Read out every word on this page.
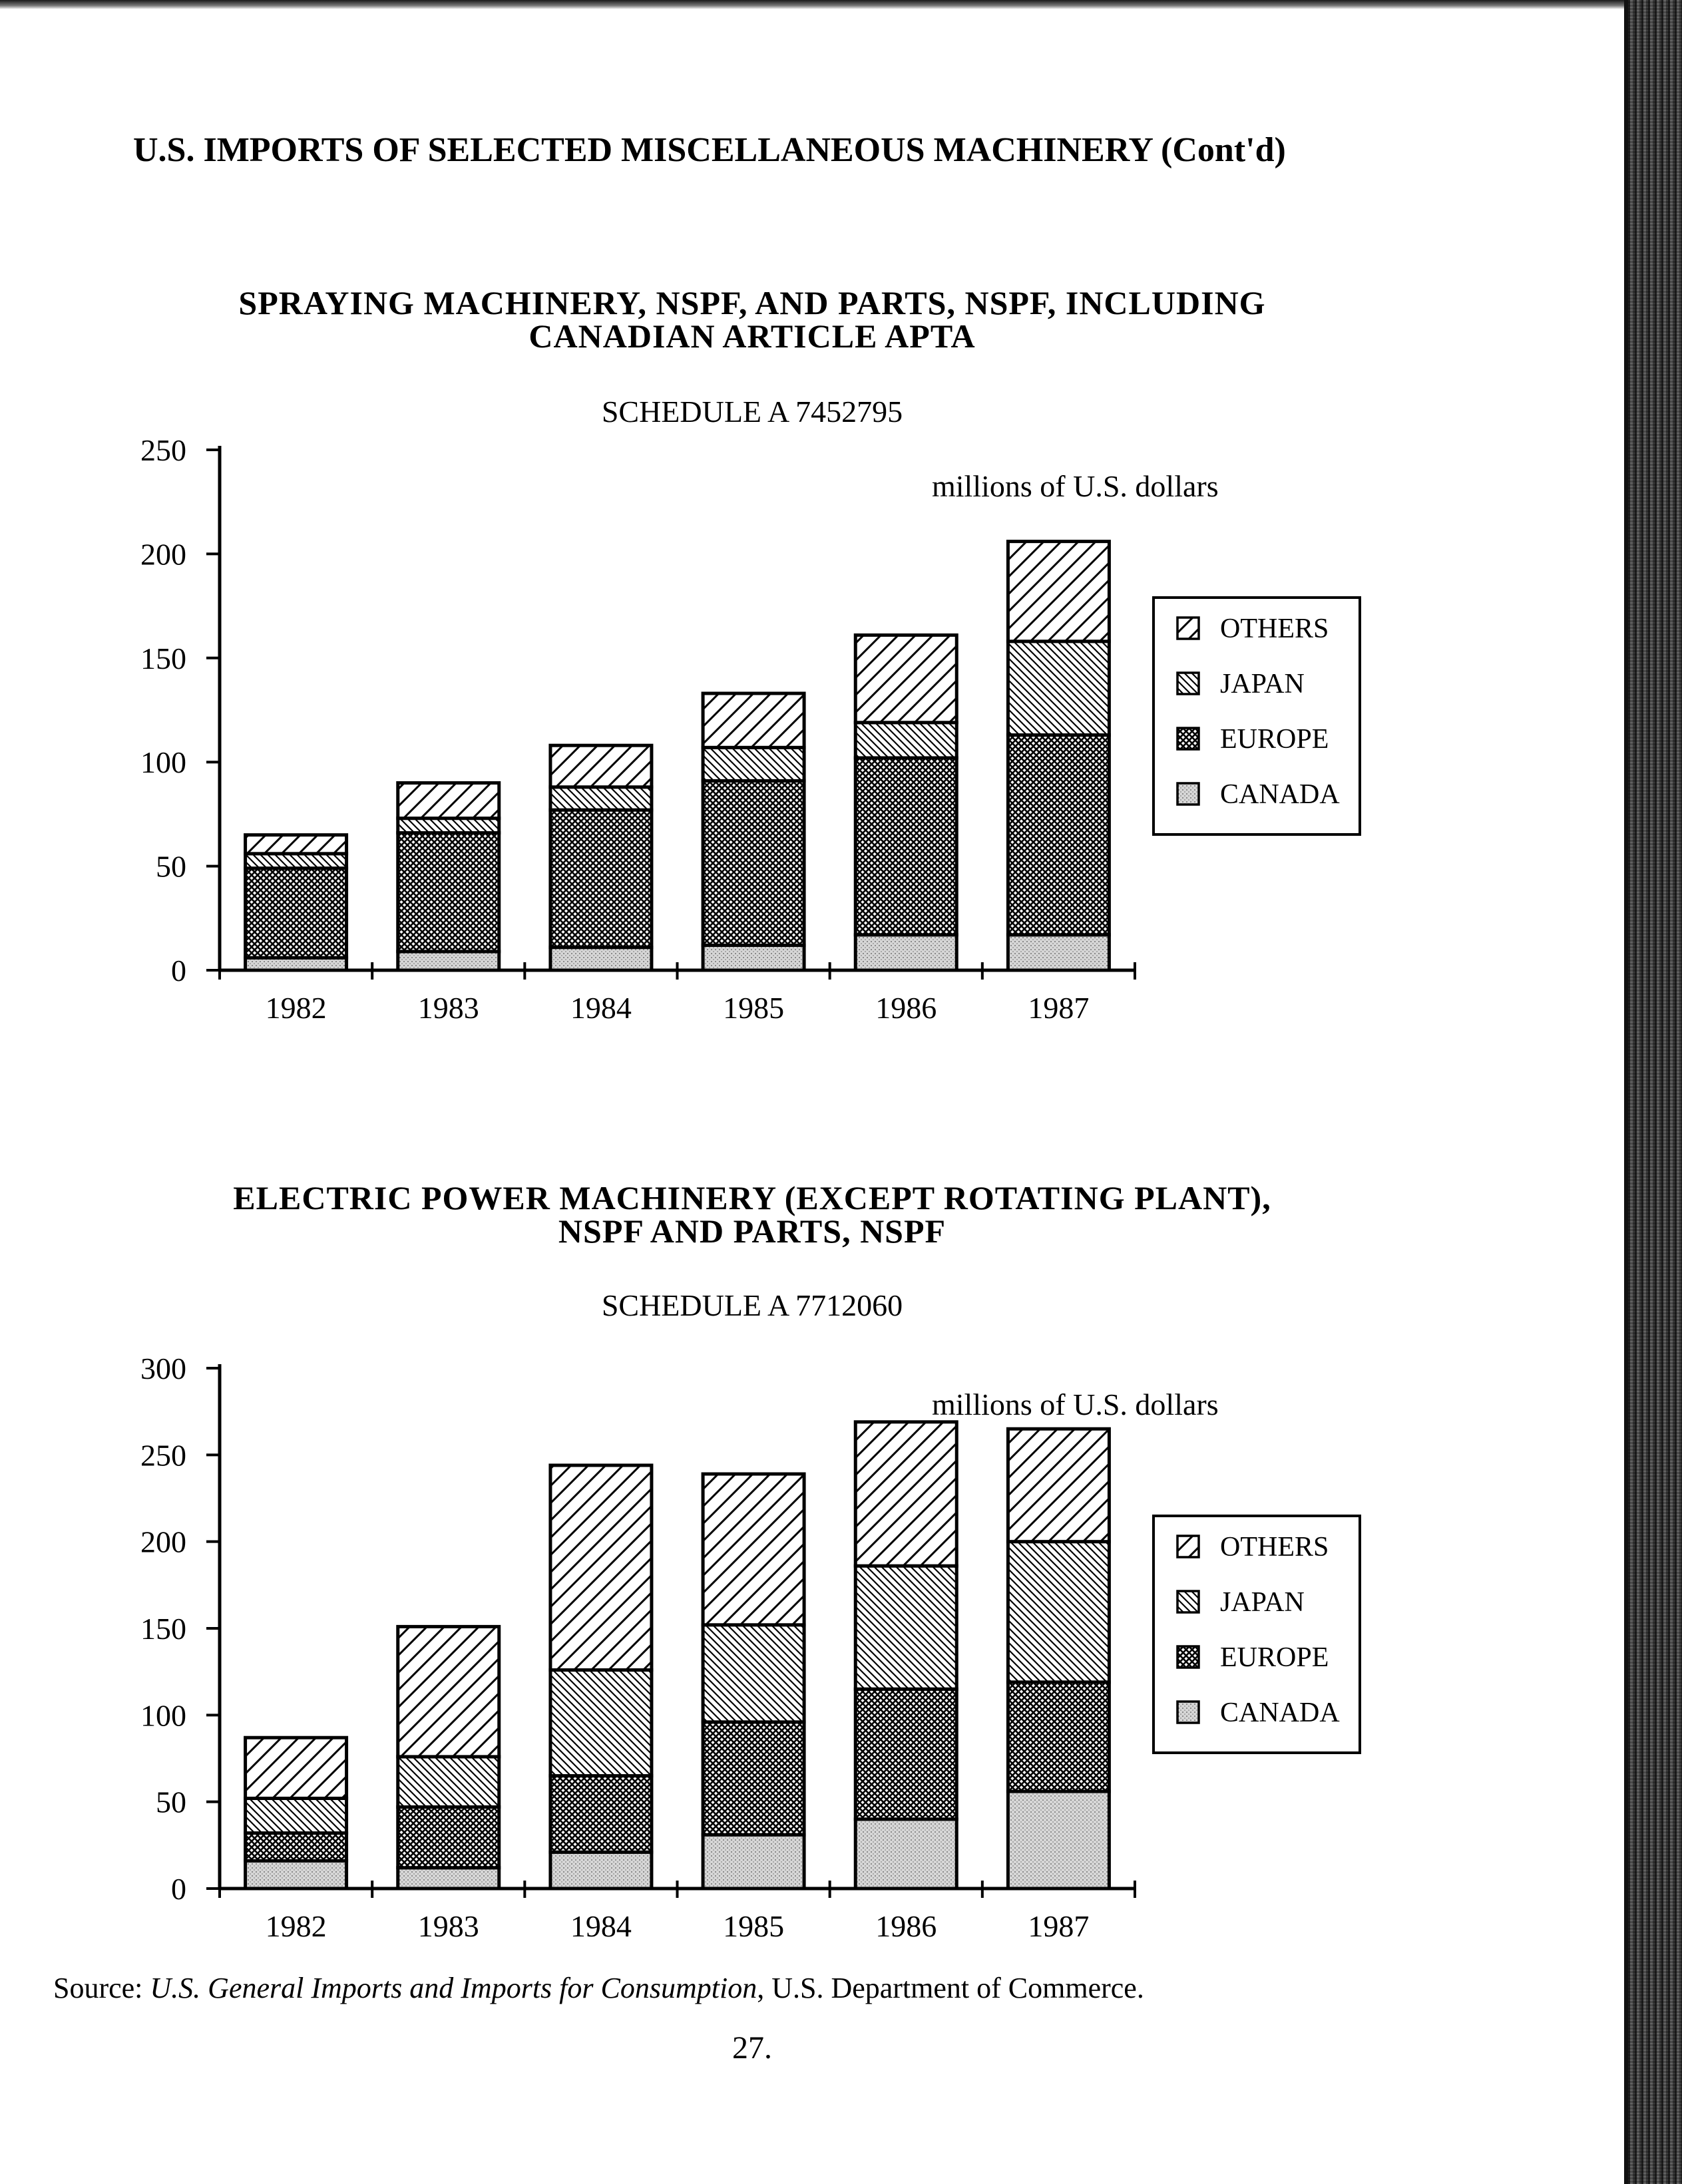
U.S. IMPORTS OF SELECTED MISCELLANEOUS MACHINERY (Cont'd)
SPRAYING MACHINERY, NSPF, AND PARTS, NSPF, INCLUDING
CANADIAN ARTICLE APTA
SCHEDULE A 7452795
0
50
100
150
200
250
1982	1983	1984	1985	1986	1987
millions of U.S. dollars
OTHERS
JAPAN
EUROPE
CANADA
ELECTRIC POWER MACHINERY (EXCEPT ROTATING PLANT),
NSPF AND PARTS, NSPF
SCHEDULE A 7712060
0
50
100
150
200
250
300
1982	1983	1984	1985	1986	1987
millions of U.S. dollars
OTHERS
JAPAN
EUROPE
CANADA
Source: U.S. General Imports and Imports for Consumption, U.S. Department of Commerce.
27.
